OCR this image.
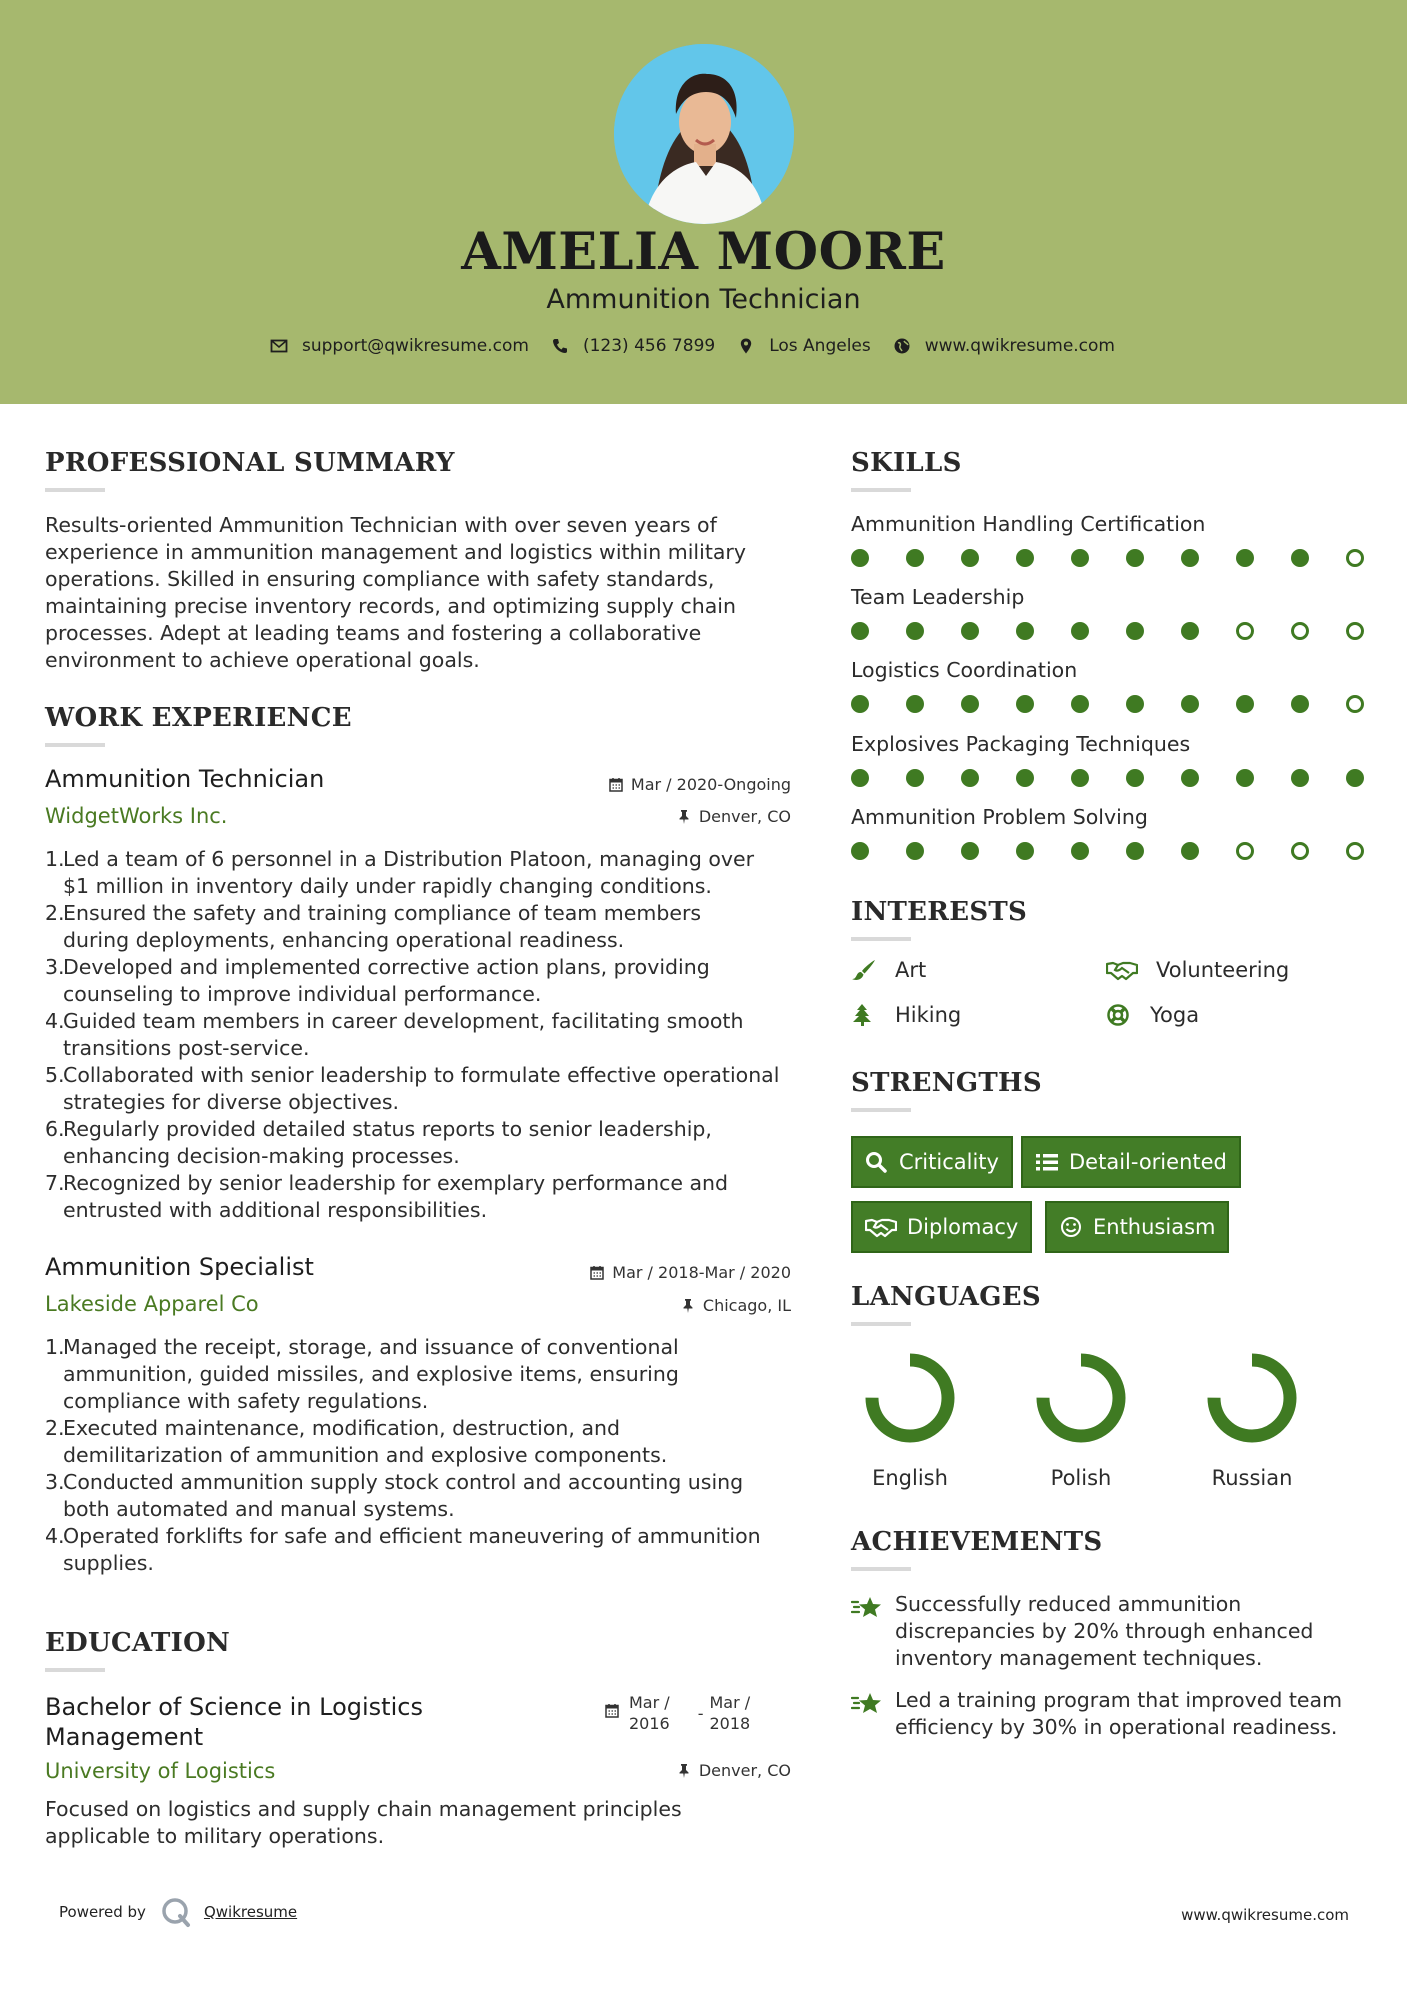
AMELIA MOORE
Ammunition Technician
support@qwikresume.com	(123) 456 7899	Los Angeles	www.qwikresume.com
PROFESSIONAL SUMMARY
Results-oriented Ammunition Technician with over seven years of
experience in ammunition management and logistics within military
operations. Skilled in ensuring compliance with safety standards,
maintaining precise inventory records, and optimizing supply chain
processes. Adept at leading teams and fostering a collaborative
environment to achieve operational goals.
WORK EXPERIENCE
Ammunition Technician	Mar / 2020-Ongoing
WidgetWorks Inc.	Denver, CO
1.
Led a team of 6 personnel in a Distribution Platoon, managing over
$1 million in inventory daily under rapidly changing conditions.
2.
Ensured the safety and training compliance of team members
during deployments, enhancing operational readiness.
3.
Developed and implemented corrective action plans, providing
counseling to improve individual performance.
4.
Guided team members in career development, facilitating smooth
transitions post-service.
5.
Collaborated with senior leadership to formulate effective operational
strategies for diverse objectives.
6.
Regularly provided detailed status reports to senior leadership,
enhancing decision-making processes.
7.
Recognized by senior leadership for exemplary performance and
entrusted with additional responsibilities.
Ammunition Specialist	Mar / 2018-Mar / 2020
Lakeside Apparel Co	Chicago, IL
1.
Managed the receipt, storage, and issuance of conventional
ammunition, guided missiles, and explosive items, ensuring
compliance with safety regulations.
2.
Executed maintenance, modification, destruction, and
demilitarization of ammunition and explosive components.
3.
Conducted ammunition supply stock control and accounting using
both automated and manual systems.
4.
Operated forklifts for safe and efficient maneuvering of ammunition
supplies.
EDUCATION
Bachelor of Science in Logistics
Management
Mar /
2016
-
Mar /
2018
University of Logistics	Denver, CO
Focused on logistics and supply chain management principles
applicable to military operations.
SKILLS
Ammunition Handling Certification
Team Leadership
Logistics Coordination
Explosives Packaging Techniques
Ammunition Problem Solving
INTERESTS
Art	Volunteering
Hiking	Yoga
STRENGTHS
Criticality	Detail-oriented
Diplomacy	Enthusiasm
LANGUAGES
English	Polish	Russian
ACHIEVEMENTS
Successfully reduced ammunition
discrepancies by 20% through enhanced
inventory management techniques.
Led a training program that improved team
efficiency by 30% in operational readiness.
Powered by	Qwikresume	www.qwikresume.com
